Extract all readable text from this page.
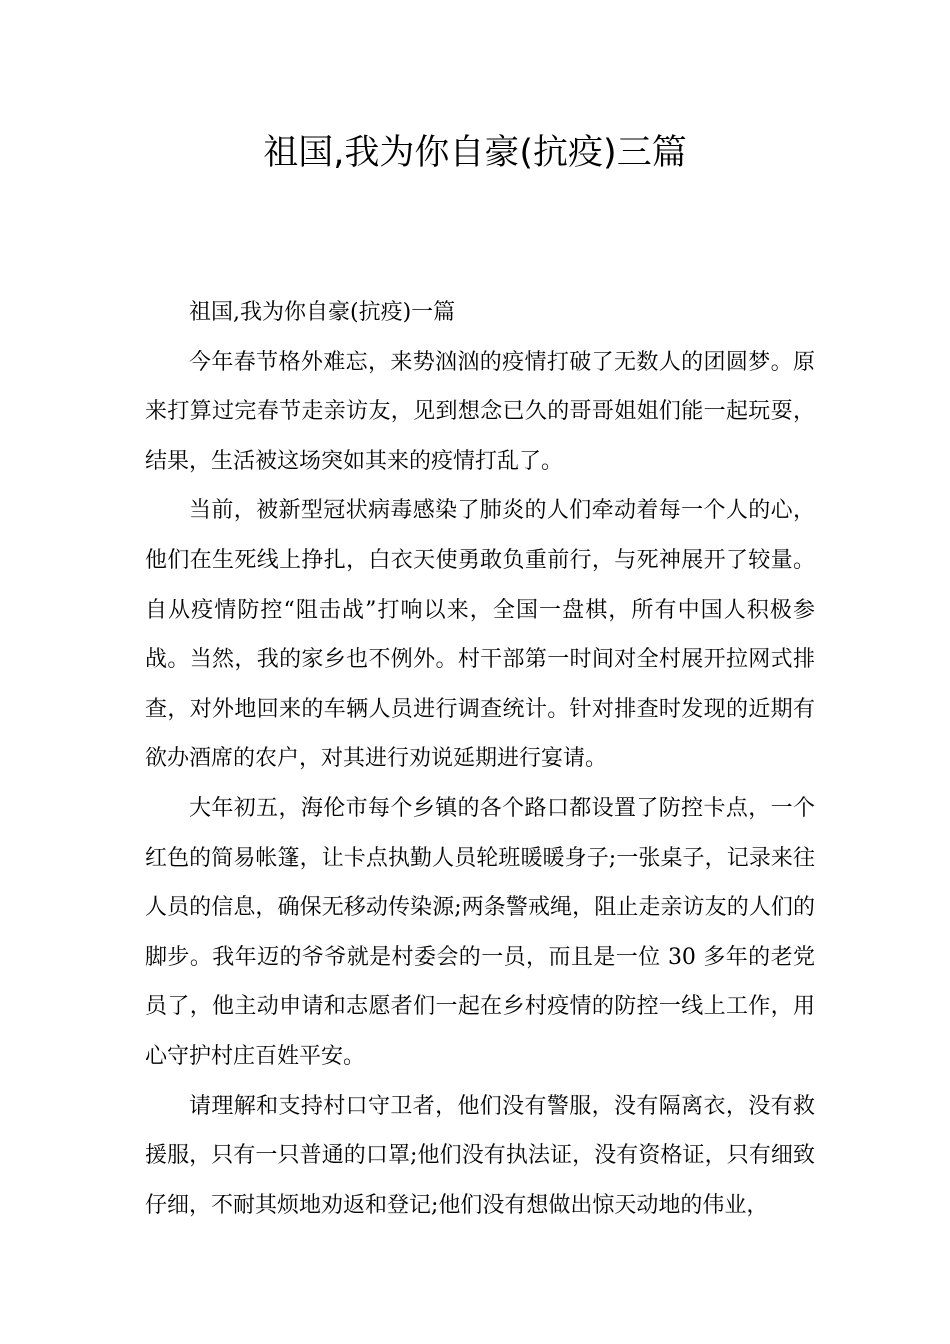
祖国,我为你自豪(抗疫)三篇

祖国,我为你自豪(抗疫)一篇

今年春节格外难忘，来势汹汹的疫情打破了无数人的团圆梦。原来打算过完春节走亲访友，见到想念已久的哥哥姐姐们能一起玩耍，结果，生活被这场突如其来的疫情打乱了。

当前，被新型冠状病毒感染了肺炎的人们牵动着每一个人的心，他们在生死线上挣扎，白衣天使勇敢负重前行，与死神展开了较量。自从疫情防控“阻击战”打响以来，全国一盘棋，所有中国人积极参战。当然，我的家乡也不例外。村干部第一时间对全村展开拉网式排查，对外地回来的车辆人员进行调查统计。针对排查时发现的近期有欲办酒席的农户，对其进行劝说延期进行宴请。

大年初五，海伦市每个乡镇的各个路口都设置了防控卡点，一个红色的简易帐篷，让卡点执勤人员轮班暖暖身子;一张桌子，记录来往人员的信息，确保无移动传染源;两条警戒绳，阻止走亲访友的人们的脚步。我年迈的爷爷就是村委会的一员，而且是一位 30 多年的老党员了，他主动申请和志愿者们一起在乡村疫情的防控一线上工作，用心守护村庄百姓平安。

请理解和支持村口守卫者，他们没有警服，没有隔离衣，没有救援服，只有一只普通的口罩;他们没有执法证，没有资格证，只有细致仔细，不耐其烦地劝返和登记;他们没有想做出惊天动地的伟业，
